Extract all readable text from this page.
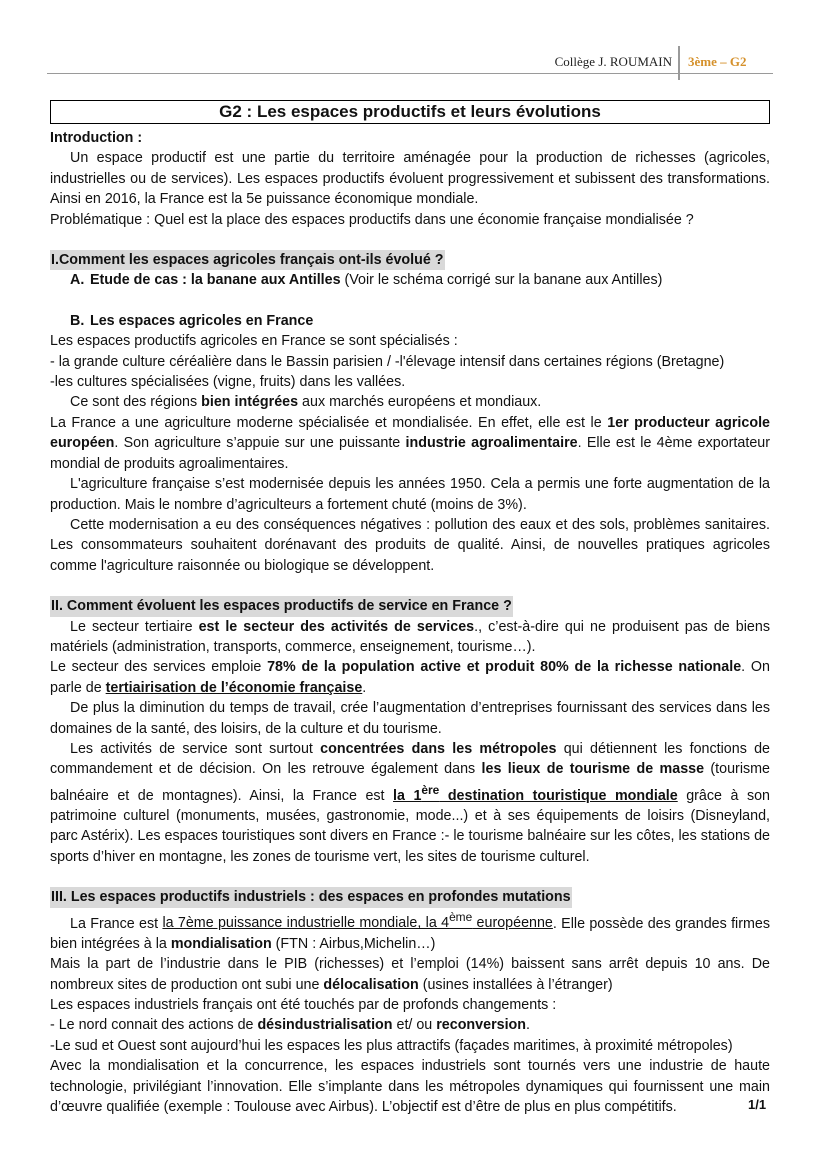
Collège J. ROUMAIN 3ème – G2
G2 : Les espaces productifs et leurs évolutions

Introduction :

Un espace productif est une partie du territoire aménagée pour la production de richesses (agricoles, industrielles ou de services). Les espaces productifs évoluent progressivement et subissent des transformations. Ainsi en 2016, la France est la 5e puissance économique mondiale.

Problématique : Quel est la place des espaces productifs dans une économie française mondialisée ?

I.Comment les espaces agricoles français ont-ils évolué ?

A. Etude de cas : la banane aux Antilles (Voir le schéma corrigé sur la banane aux Antilles)

B. Les espaces agricoles en France

Les espaces productifs agricoles en France se sont spécialisés :

- la grande culture céréalière dans le Bassin parisien / -l'élevage intensif dans certaines régions (Bretagne)

-les cultures spécialisées (vigne, fruits) dans les vallées.

Ce sont des régions bien intégrées aux marchés européens et mondiaux.

La France a une agriculture moderne spécialisée et mondialisée. En effet, elle est le 1er producteur agricole européen. Son agriculture s’appuie sur une puissante industrie agroalimentaire. Elle est le 4ème exportateur mondial de produits agroalimentaires.

L'agriculture française s’est modernisée depuis les années 1950. Cela a permis une forte augmentation de la production. Mais le nombre d’agriculteurs a fortement chuté (moins de 3%).

Cette modernisation a eu des conséquences négatives : pollution des eaux et des sols, problèmes sanitaires. Les consommateurs souhaitent dorénavant des produits de qualité. Ainsi, de nouvelles pratiques agricoles comme l'agriculture raisonnée ou biologique se développent.

II. Comment évoluent les espaces productifs de service en France ?

Le secteur tertiaire est le secteur des activités de services., c’est-à-dire qui ne produisent pas de biens matériels (administration, transports, commerce, enseignement, tourisme…).

Le secteur des services emploie 78% de la population active et produit 80% de la richesse nationale. On parle de tertiairisation de l’économie française.

De plus la diminution du temps de travail, crée l’augmentation d’entreprises fournissant des services dans les domaines de la santé, des loisirs, de la culture et du tourisme.

Les activités de service sont surtout concentrées dans les métropoles qui détiennent les fonctions de commandement et de décision. On les retrouve également dans les lieux de tourisme de masse (tourisme balnéaire et de montagnes). Ainsi, la France est la 1ère destination touristique mondiale grâce à son patrimoine culturel (monuments, musées, gastronomie, mode...) et à ses équipements de loisirs (Disneyland, parc Astérix). Les espaces touristiques sont divers en France :- le tourisme balnéaire sur les côtes, les stations de sports d’hiver en montagne, les zones de tourisme vert, les sites de tourisme culturel.

III. Les espaces productifs industriels : des espaces en profondes mutations

La France est la 7ème puissance industrielle mondiale, la 4ème européenne. Elle possède des grandes firmes bien intégrées à la mondialisation (FTN : Airbus,Michelin…)

Mais la part de l’industrie dans le PIB (richesses) et l’emploi (14%) baissent sans arrêt depuis 10 ans. De nombreux sites de production ont subi une délocalisation (usines installées à l’étranger)

Les espaces industriels français ont été touchés par de profonds changements :

- Le nord connait des actions de désindustrialisation et/ ou reconversion.

-Le sud et Ouest sont aujourd’hui les espaces les plus attractifs (façades maritimes, à proximité métropoles)

Avec la mondialisation et la concurrence, les espaces industriels sont tournés vers une industrie de haute technologie, privilégiant l’innovation. Elle s’implante dans les métropoles dynamiques qui fournissent une main d’œuvre qualifiée (exemple : Toulouse avec Airbus). L’objectif est d’être de plus en plus compétitifs.	1/1
